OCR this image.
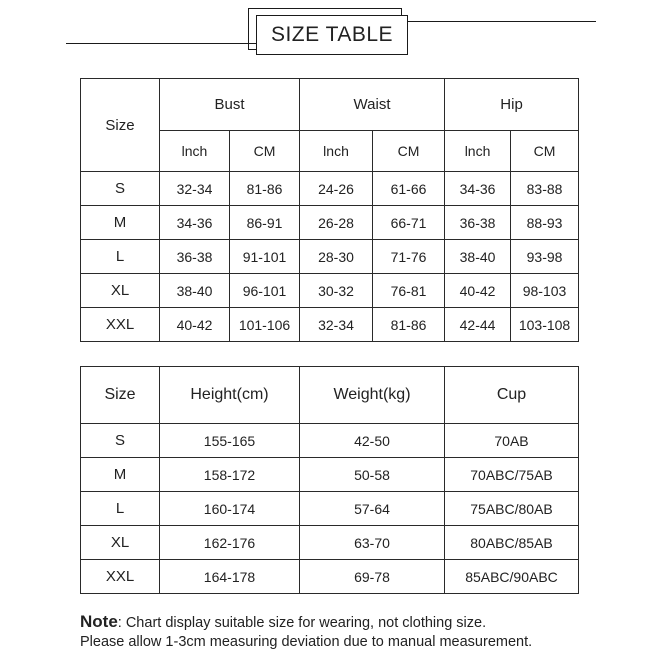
SIZE TABLE
Size	Bust		Waist		Hip	
	lnch	CM	lnch	CM	lnch	CM
S	32-34	81-86	24-26	61-66	34-36	83-88
M	34-36	86-91	26-28	66-71	36-38	88-93
L	36-38	91-101	28-30	71-76	38-40	93-98
XL	38-40	96-101	30-32	76-81	40-42	98-103
XXL	40-42	101-106	32-34	81-86	42-44	103-108
Size	Height(cm)	Weight(kg)	Cup
S	155-165	42-50	70AB
M	158-172	50-58	70ABC/75AB
L	160-174	57-64	75ABC/80AB
XL	162-176	63-70	80ABC/85AB
XXL	164-178	69-78	85ABC/90ABC
Note: Chart display suitable size for wearing, not clothing size.
Please allow 1-3cm measuring deviation due to manual measurement.
